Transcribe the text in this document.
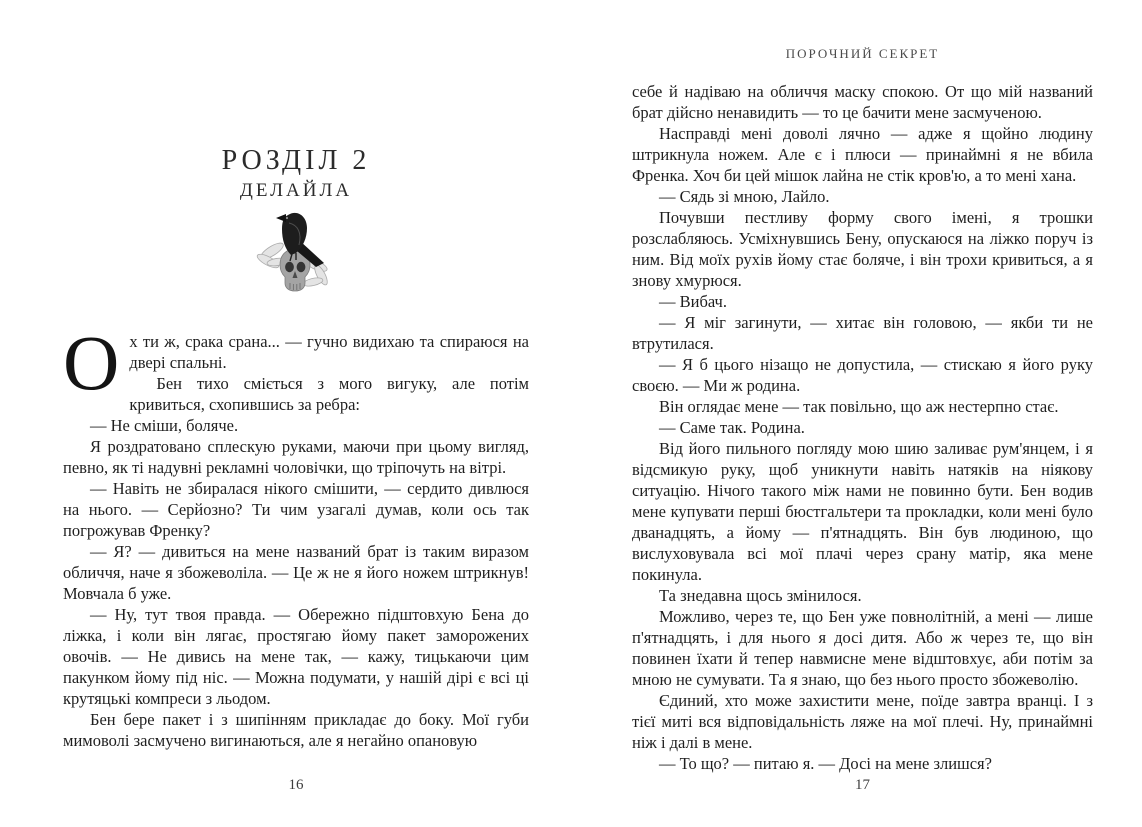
РОЗДІЛ 2
ДЕЛАЙЛА

Ох ти ж, срака срана... — гучно видихаю та спираюся на двері спальні.

Бен тихо сміється з мого вигуку, але потім кривиться, схопившись за ребра:

— Не сміши, боляче.

Я роздратовано сплескую руками, маючи при цьому вигляд, певно, як ті надувні рекламні чоловічки, що тріпочуть на вітрі.

— Навіть не збиралася нікого смішити, — сердито дивлюся на нього. — Серйозно? Ти чим узагалі думав, коли ось так погрожував Френку?

— Я? — дивиться на мене названий брат із таким виразом обличчя, наче я збожеволіла. — Це ж не я його ножем штрикнув! Мовчала б уже.

— Ну, тут твоя правда. — Обережно підштовхую Бена до ліжка, і коли він лягає, простягаю йому пакет заморожених овочів. — Не дивись на мене так, — кажу, тицькаючи цим пакунком йому під ніс. — Можна подумати, у нашій дірі є всі ці крутяцькі компреси з льодом.

Бен бере пакет і з шипінням прикладає до боку. Мої губи мимоволі засмучено вигинаються, але я негайно опановую

16
ПОРОЧНИЙ СЕКРЕТ

себе й надіваю на обличчя маску спокою. От що мій названий брат дійсно ненавидить — то це бачити мене засмученою.

Насправді мені доволі лячно — адже я щойно людину штрикнула ножем. Але є і плюси — принаймні я не вбила Френка. Хоч би цей мішок лайна не стік кров'ю, а то мені хана.

— Сядь зі мною, Лайло.

Почувши пестливу форму свого імені, я трошки розслабляюсь. Усміхнувшись Бену, опускаюся на ліжко поруч із ним. Від моїх рухів йому стає боляче, і він трохи кривиться, а я знову хмурюся.

— Вибач.

— Я міг загинути, — хитає він головою, — якби ти не втрутилася.

— Я б цього нізащо не допустила, — стискаю я його руку своєю. — Ми ж родина.

Він оглядає мене — так повільно, що аж нестерпно стає.

— Саме так. Родина.

Від його пильного погляду мою шию заливає рум'янцем, і я відсмикую руку, щоб уникнути навіть натяків на ніякову ситуацію. Нічого такого між нами не повинно бути. Бен водив мене купувати перші бюстгальтери та прокладки, коли мені було дванадцять, а йому — п'ятнадцять. Він був людиною, що вислуховувала всі мої плачі через срану матір, яка мене покинула.

Та знедавна щось змінилося.

Можливо, через те, що Бен уже повнолітній, а мені — лише п'ятнадцять, і для нього я досі дитя. Або ж через те, що він повинен їхати й тепер навмисне мене відштовхує, аби потім за мною не сумувати. Та я знаю, що без нього просто збожеволію.

Єдиний, хто може захистити мене, поїде завтра вранці. І з тієї миті вся відповідальність ляже на мої плечі. Ну, принаймні ніж і далі в мене.

— То що? — питаю я. — Досі на мене злишся?

17
